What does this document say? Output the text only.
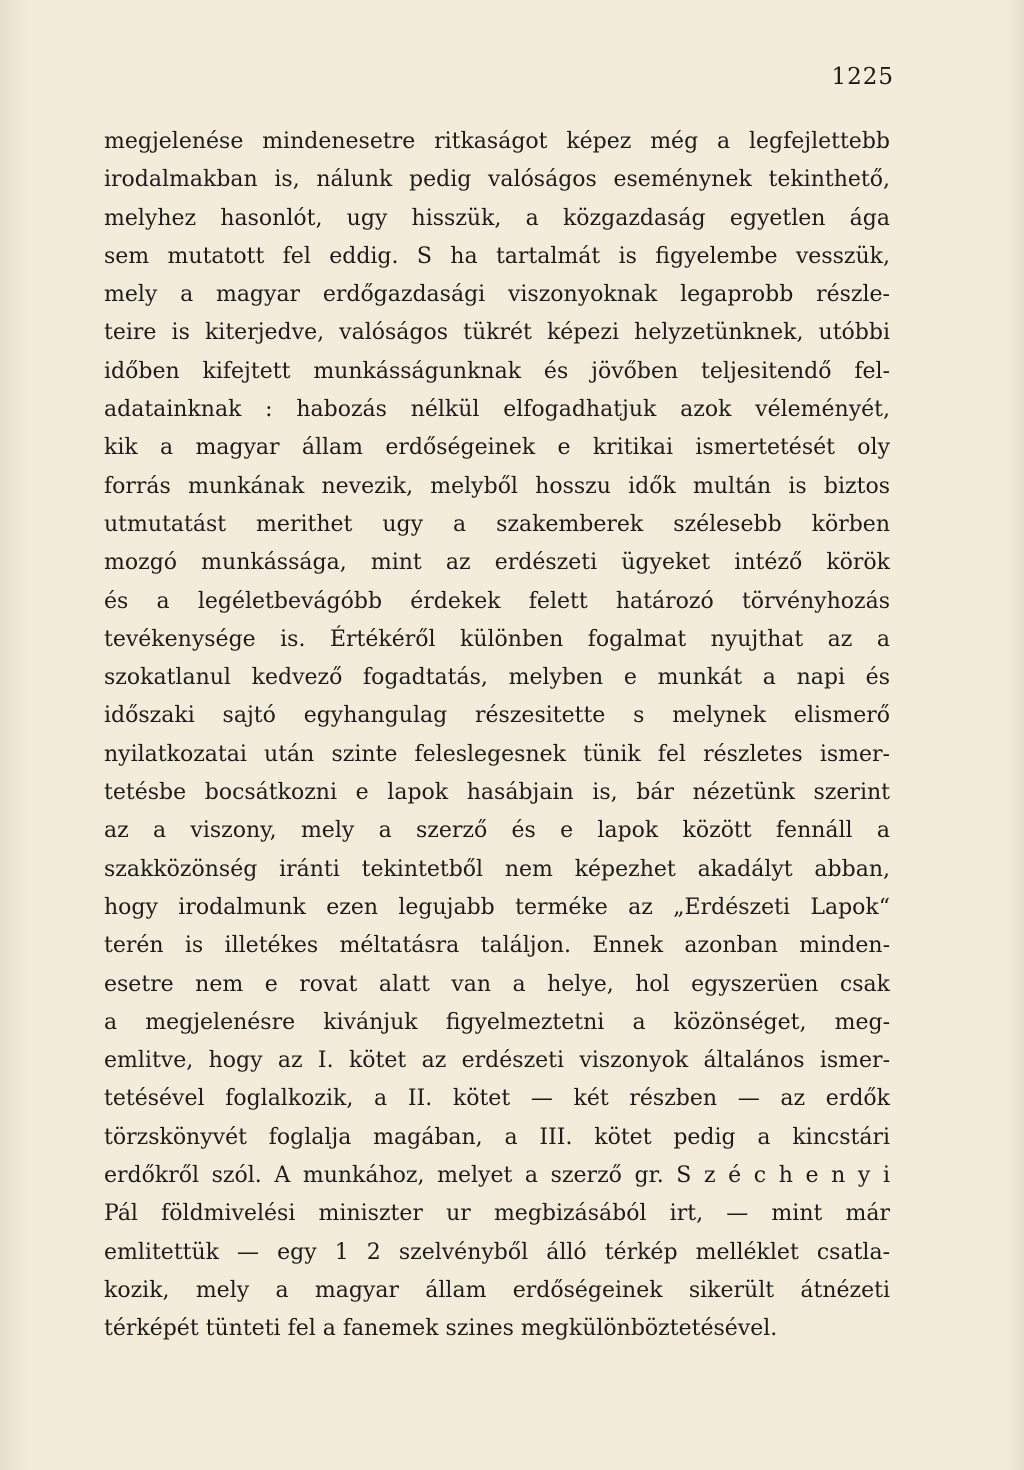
1225
megjelenése mindenesetre ritkaságot képez még a legfejlettebb
irodalmakban is, nálunk pedig valóságos eseménynek tekinthető,
melyhez hasonlót, ugy hisszük, a közgazdaság egyetlen ága
sem mutatott fel eddig. S ha tartalmát is figyelembe vesszük,
mely a magyar erdőgazdasági viszonyoknak legaprobb részle-
teire is kiterjedve, valóságos tükrét képezi helyzetünknek, utóbbi
időben kifejtett munkásságunknak és jövőben teljesitendő fel-
adatainknak : habozás nélkül elfogadhatjuk azok véleményét,
kik a magyar állam erdőségeinek e kritikai ismertetését oly
forrás munkának nevezik, melyből hosszu idők multán is biztos
utmutatást merithet ugy a szakemberek szélesebb körben
mozgó munkássága, mint az erdészeti ügyeket intéző körök
és a legéletbevágóbb érdekek felett határozó törvényhozás
tevékenysége is. Értékéről különben fogalmat nyujthat az a
szokatlanul kedvező fogadtatás, melyben e munkát a napi és
időszaki sajtó egyhangulag részesitette s melynek elismerő
nyilatkozatai után szinte feleslegesnek tünik fel részletes ismer-
tetésbe bocsátkozni e lapok hasábjain is, bár nézetünk szerint
az a viszony, mely a szerző és e lapok között fennáll a
szakközönség iránti tekintetből nem képezhet akadályt abban,
hogy irodalmunk ezen legujabb terméke az „Erdészeti Lapok“
terén is illetékes méltatásra találjon. Ennek azonban minden-
esetre nem e rovat alatt van a helye, hol egyszerüen csak
a megjelenésre kivánjuk figyelmeztetni a közönséget, meg-
emlitve, hogy az I. kötet az erdészeti viszonyok általános ismer-
tetésével foglalkozik, a II. kötet — két részben — az erdők
törzskönyvét foglalja magában, a III. kötet pedig a kincstári
erdőkről szól. A munkához, melyet a szerző gr. S z é c h e n y i
Pál földmivelési miniszter ur megbizásából irt, — mint már
emlitettük — egy 1 2 szelvényből álló térkép melléklet csatla-
kozik, mely a magyar állam erdőségeinek sikerült átnézeti
térképét tünteti fel a fanemek szines megkülönböztetésével.
